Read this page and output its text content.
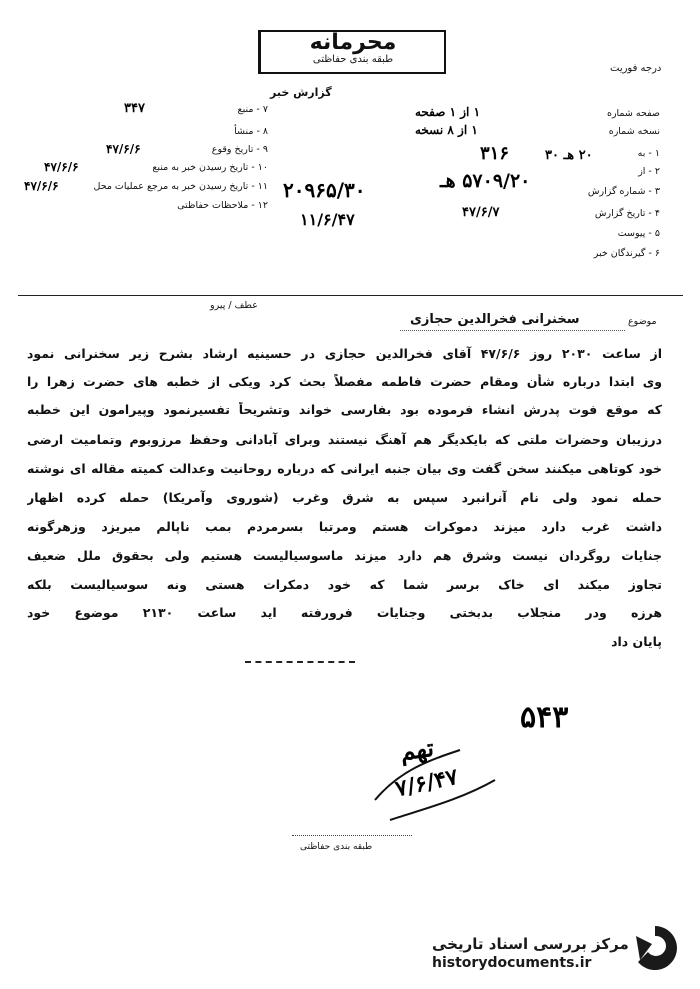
محرمانه
طبقه بندی حفاظتی
درجه فوریت
گزارش خبر
۷ - منبع
۳۴۷
۸ - منشأ
۹ - تاریخ وقوع
۴۷/۶/۶
۱۰ - تاریخ رسیدن خبر به منبع
۴۷/۶/۶
۱۱ - تاریخ رسیدن خبر به مرجع عملیات محل
۴۷/۶/۶
۱۲ - ملاحظات حفاظتی
۲۰۹۶۵/۳۰
۱۱/۶/۴۷
صفحه شماره
۱ از ۱ صفحه
نسخه شماره
۱ از ۸ نسخه
۱ - به
۳۱۶
۲ - از
۲۰ هـ ۳۰
۳ - شماره گزارش
۵۷۰۹/۲۰ هـ
۴ - تاریخ گزارش
۴۷/۶/۷
۵ - پیوست
۶ - گیرندگان خبر
عطف / پیرو
موضوع
سخنرانی فخرالدین حجازی
از ساعت ۲۰۳۰ روز ۴۷/۶/۶ آقای فخرالدین حجازی در حسینیه ارشاد بشرح زیر سخنرانی نمود
وی ابتدا درباره شأن ومقام حضرت فاطمه مفصلاً بحث کرد ویکی از خطبه های حضرت زهرا را
که موقع فوت پدرش انشاء فرموده بود بفارسی خواند وتشریحاً تفسیرنمود وپیرامون این خطبه
درزیبان وحضرات ملتی که بایکدیگر هم آهنگ نیستند وبرای آبادانی وحفظ مرزوبوم وتمامیت ارضی
خود کوتاهی میکنند سخن گفت وی بیان جنبه ایرانی که درباره روحانیت وعدالت کمیته مقاله ای نوشته
حمله نمود ولی نام آنرانبرد سپس به شرق وغرب (شوروی وآمریکا) حمله کرده اظهار
داشت غرب دارد میزند دموکرات هستم ومرتبا بسرمردم بمب ناپالم میریزد وزهرگونه
جنایات روگردان نیست وشرق هم دارد میزند ماسوسیالیست هستیم ولی بحقوق ملل ضعیف
تجاوز میکند ای خاک برسر شما که خود دمکرات هستی ونه سوسیالیست بلکه
هرزه ودر منجلاب بدبختی وجنایات فرورفته اید ساعت ۲۱۳۰ موضوع خود
پایان داد
۵۴۳
تهم
۷/۶/۴۷
طبقه بندی حفاظتی
مرکز بررسی اسناد تاریخی
historydocuments.ir
